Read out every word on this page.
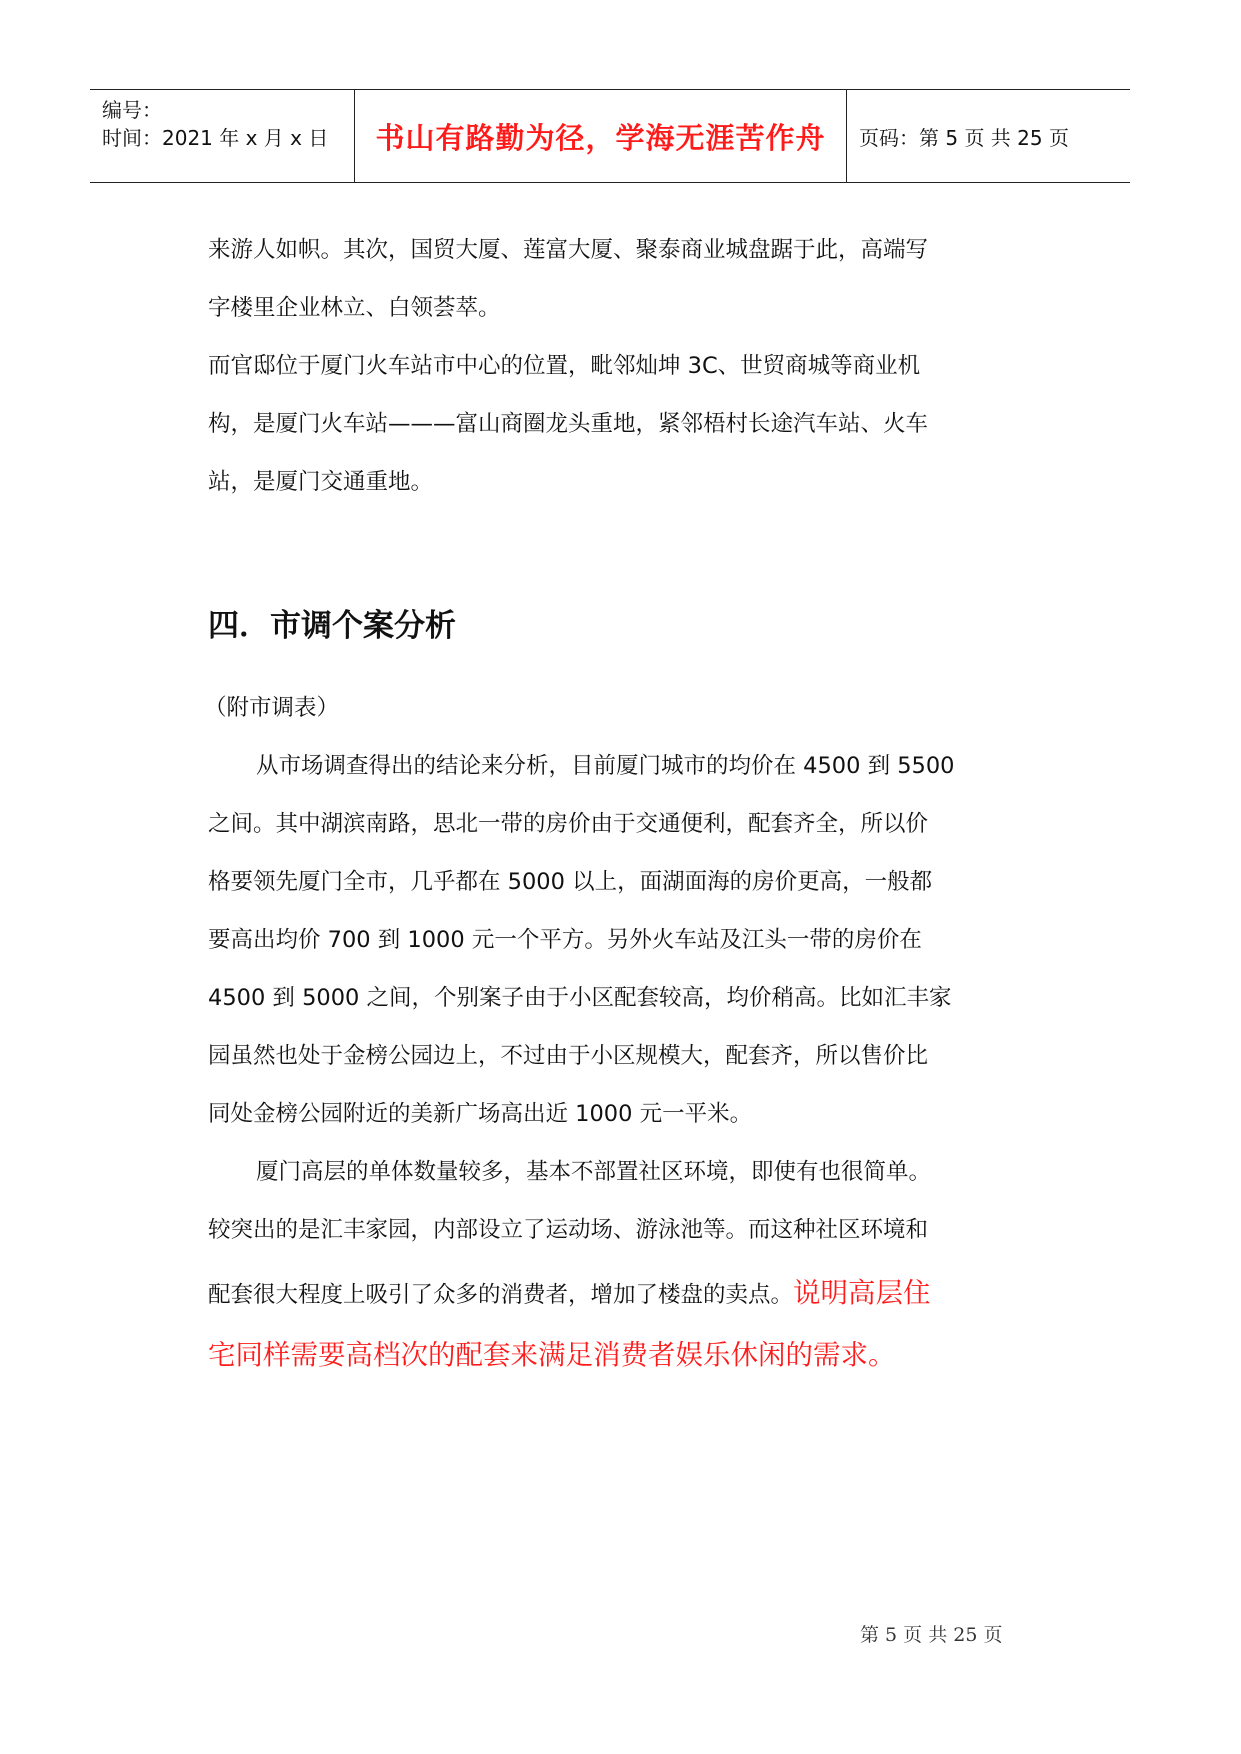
编号：
时间：2021 年 x 月 x 日 书山有路勤为径，学海无涯苦作舟 页码：第 5 页 共 25 页
来游人如帜。其次，国贸大厦、莲富大厦、聚泰商业城盘踞于此，高端写
字楼里企业林立、白领荟萃。
而官邸位于厦门火车站市中心的位置，毗邻灿坤 3C、世贸商城等商业机
构，是厦门火车站———富山商圈龙头重地，紧邻梧村长途汽车站、火车
站，是厦门交通重地。
四．市调个案分析
（附市调表）
从市场调查得出的结论来分析，目前厦门城市的均价在 4500 到 5500
之间。其中湖滨南路，思北一带的房价由于交通便利，配套齐全，所以价
格要领先厦门全市，几乎都在 5000 以上，面湖面海的房价更高，一般都
要高出均价 700 到 1000 元一个平方。另外火车站及江头一带的房价在
4500 到 5000 之间，个别案子由于小区配套较高，均价稍高。比如汇丰家
园虽然也处于金榜公园边上，不过由于小区规模大，配套齐，所以售价比
同处金榜公园附近的美新广场高出近 1000 元一平米。
厦门高层的单体数量较多，基本不部置社区环境，即使有也很简单。
较突出的是汇丰家园，内部设立了运动场、游泳池等。而这种社区环境和
配套很大程度上吸引了众多的消费者，增加了楼盘的卖点。说明高层住
宅同样需要高档次的配套来满足消费者娱乐休闲的需求。
第 5 页 共 25 页
